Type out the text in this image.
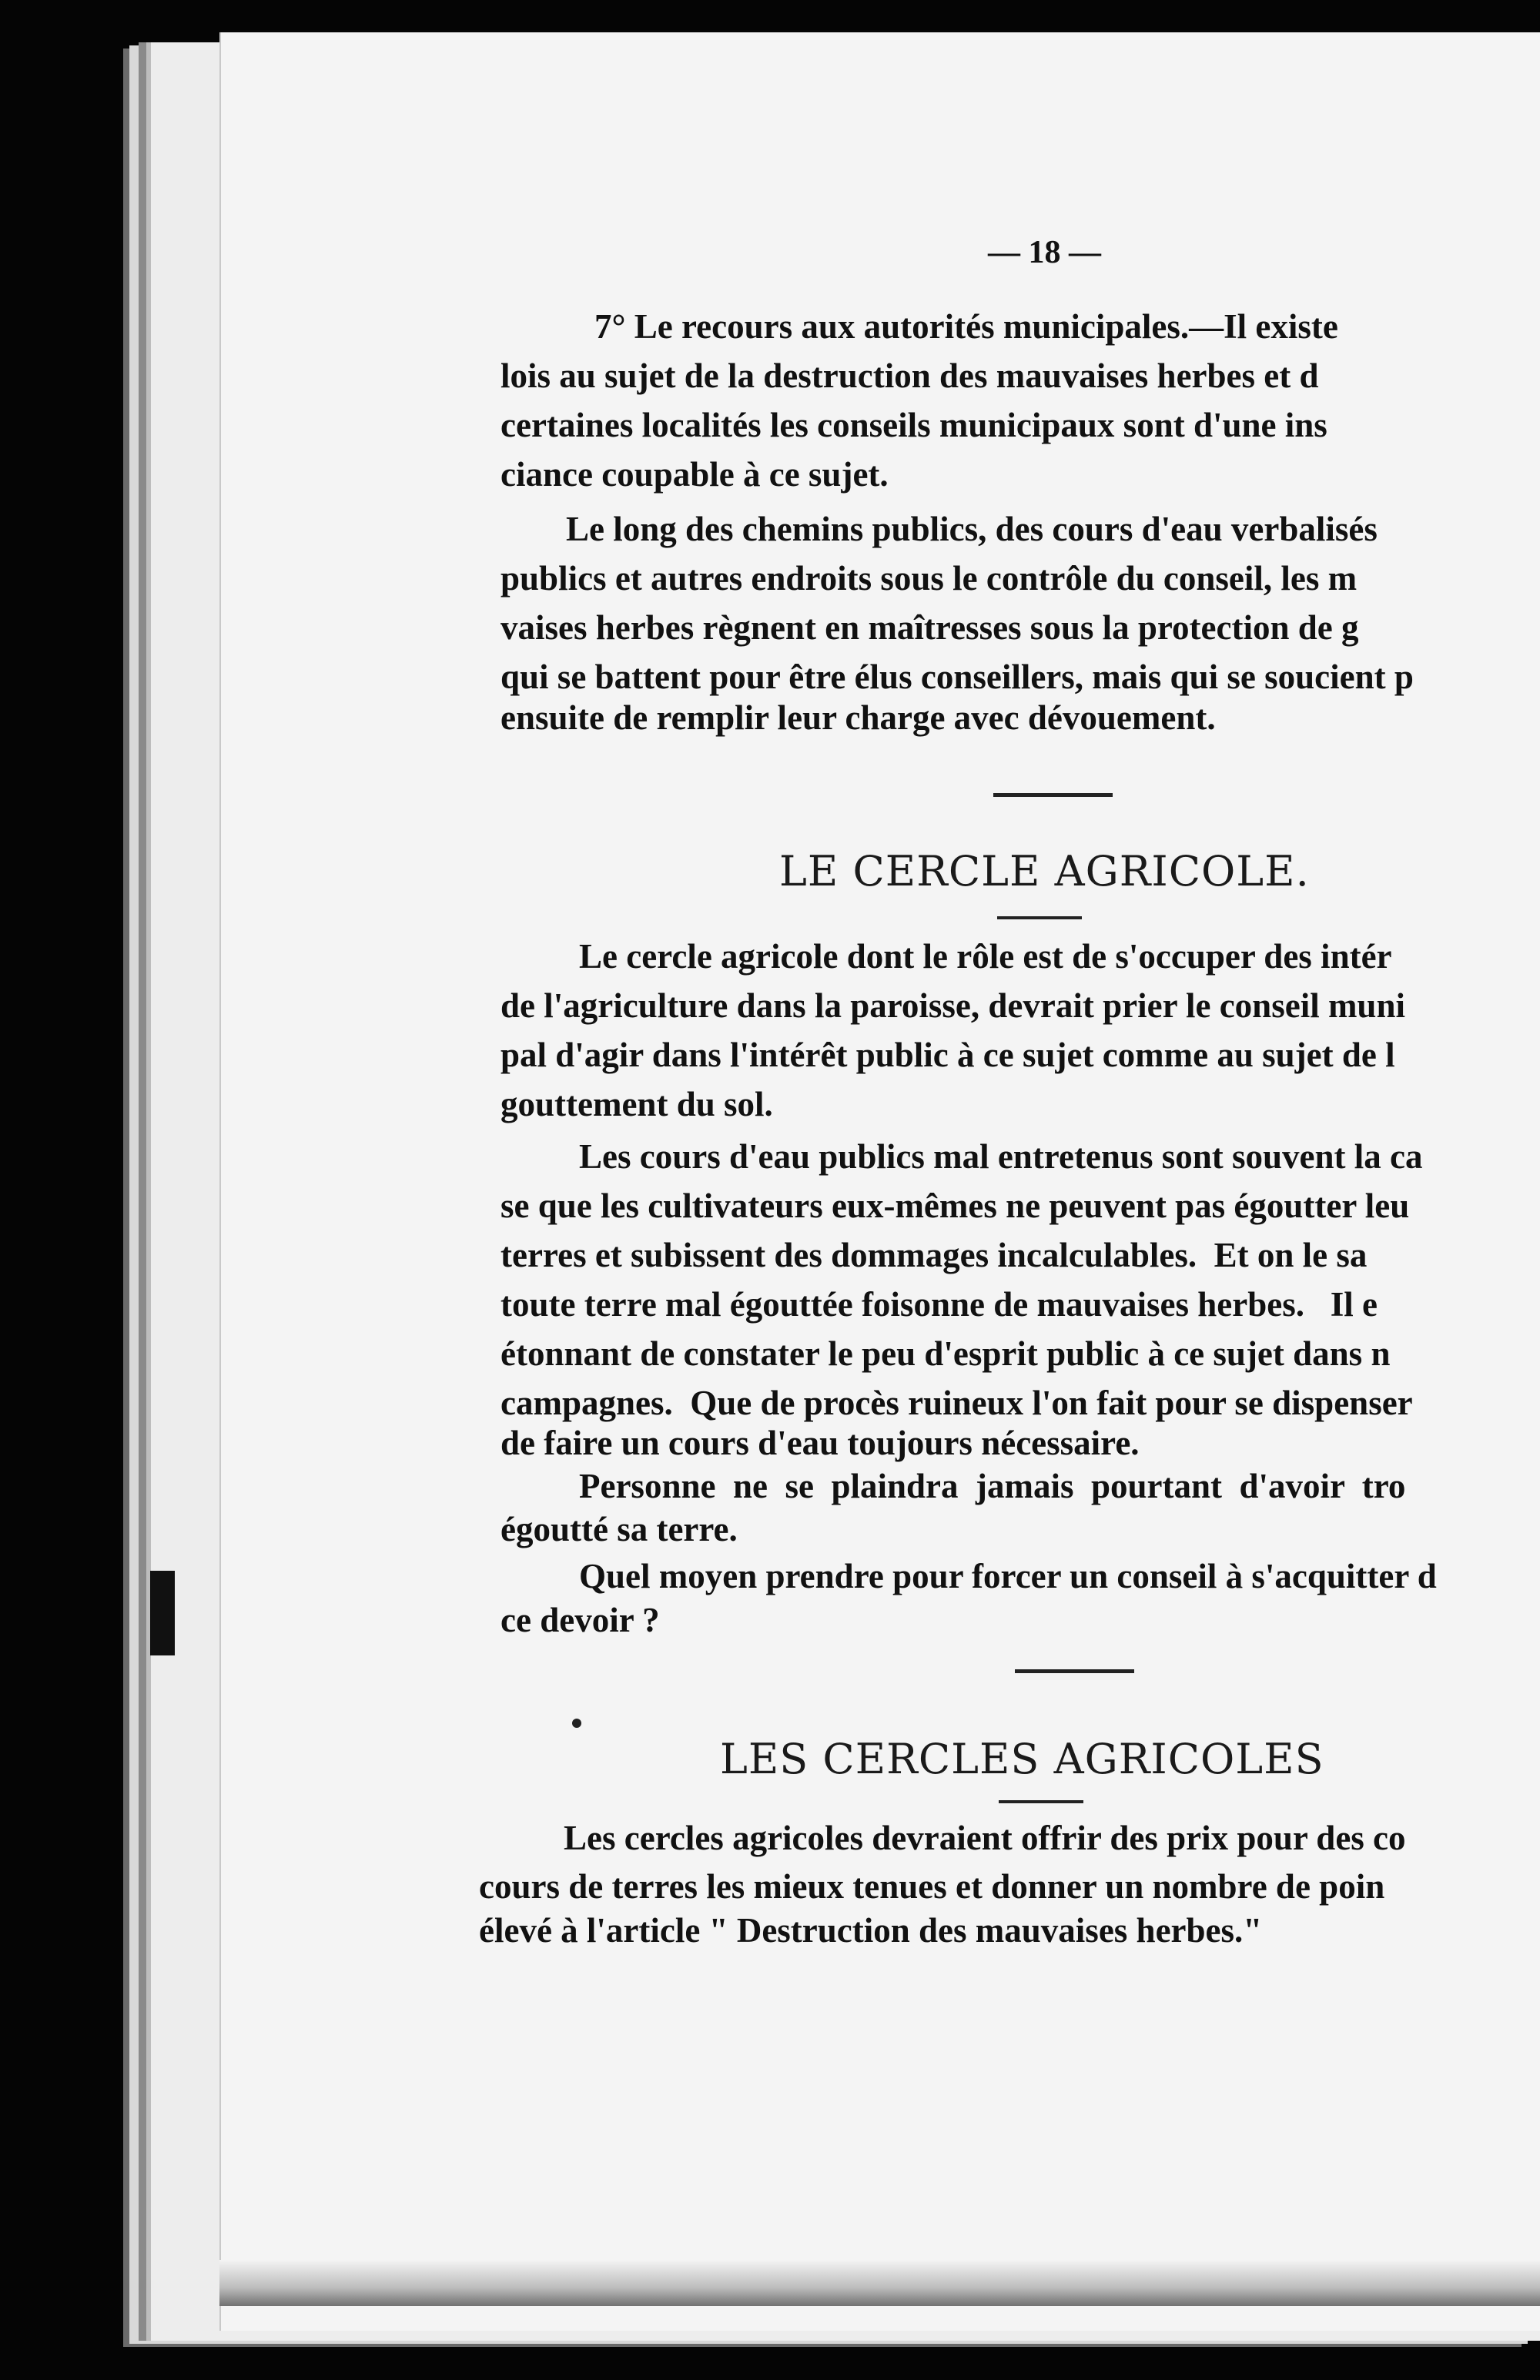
— 18 —
7° Le recours aux autorités municipales.—Il existe
lois au sujet de la destruction des mauvaises herbes et d
certaines localités les conseils municipaux sont d'une ins
ciance coupable à ce sujet.
Le long des chemins publics, des cours d'eau verbalisés
publics et autres endroits sous le contrôle du conseil, les m
vaises herbes règnent en maîtresses sous la protection de g
qui se battent pour être élus conseillers, mais qui se soucient p
ensuite de remplir leur charge avec dévouement.
LE CERCLE AGRICOLE.
Le cercle agricole dont le rôle est de s'occuper des intér
de l'agriculture dans la paroisse, devrait prier le conseil muni
pal d'agir dans l'intérêt public à ce sujet comme au sujet de l
gouttement du sol.
Les cours d'eau publics mal entretenus sont souvent la ca
se que les cultivateurs eux-mêmes ne peuvent pas égoutter leu
terres et subissent des dommages incalculables.  Et on le sa
toute terre mal égouttée foisonne de mauvaises herbes.   Il e
étonnant de constater le peu d'esprit public à ce sujet dans n
campagnes.  Que de procès ruineux l'on fait pour se dispenser
de faire un cours d'eau toujours nécessaire.
Personne  ne  se  plaindra  jamais  pourtant  d'avoir  tro
égoutté sa terre.
Quel moyen prendre pour forcer un conseil à s'acquitter d
ce devoir ?
LES CERCLES AGRICOLES
Les cercles agricoles devraient offrir des prix pour des co
cours de terres les mieux tenues et donner un nombre de poin
élevé à l'article " Destruction des mauvaises herbes."
